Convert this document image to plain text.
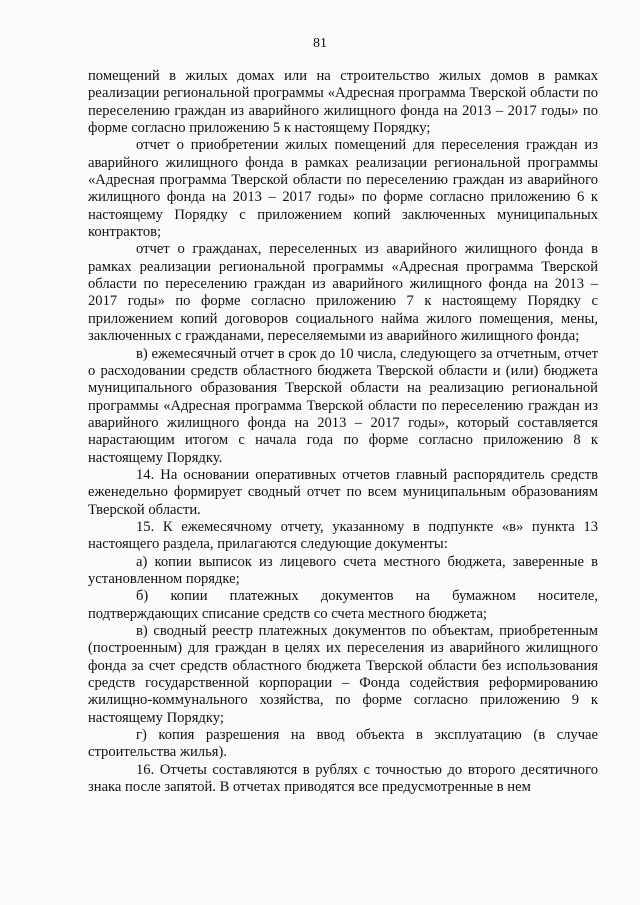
81

помещений в жилых домах или на строительство жилых домов в рамках реализации региональной программы «Адресная программа Тверской области по переселению граждан из аварийного жилищного фонда на 2013 – 2017 годы» по форме согласно приложению 5 к настоящему Порядку;

отчет о приобретении жилых помещений для переселения граждан из аварийного жилищного фонда в рамках реализации региональной программы «Адресная программа Тверской области по переселению граждан из аварийного жилищного фонда на 2013 – 2017 годы» по форме согласно приложению 6 к настоящему Порядку с приложением копий заключенных муниципальных контрактов;

отчет о гражданах, переселенных из аварийного жилищного фонда в рамках реализации региональной программы «Адресная программа Тверской области по переселению граждан из аварийного жилищного фонда на 2013 – 2017 годы» по форме согласно приложению 7 к настоящему Порядку с приложением копий договоров социального найма жилого помещения, мены, заключенных с гражданами, переселяемыми из аварийного жилищного фонда;

в) ежемесячный отчет в срок до 10 числа, следующего за отчетным, отчет о расходовании средств областного бюджета Тверской области и (или) бюджета муниципального образования Тверской области на реализацию региональной программы «Адресная программа Тверской области по переселению граждан из аварийного жилищного фонда на 2013 – 2017 годы», который составляется нарастающим итогом с начала года по форме согласно приложению 8 к настоящему Порядку.

14. На основании оперативных отчетов главный распорядитель средств еженедельно формирует сводный отчет по всем муниципальным образованиям Тверской области.

15. К ежемесячному отчету, указанному в подпункте «в» пункта 13 настоящего раздела, прилагаются следующие документы:

а) копии выписок из лицевого счета местного бюджета, заверенные в установленном порядке;

б) копии платежных документов на бумажном носителе, подтверждающих списание средств со счета местного бюджета;

в) сводный реестр платежных документов по объектам, приобретенным (построенным) для граждан в целях их переселения из аварийного жилищного фонда за счет средств областного бюджета Тверской области без использования средств государственной корпорации – Фонда содействия реформированию жилищно-коммунального хозяйства, по форме согласно приложению 9 к настоящему Порядку;

г) копия разрешения на ввод объекта в эксплуатацию (в случае строительства жилья).

16. Отчеты составляются в рублях с точностью до второго десятичного знака после запятой. В отчетах приводятся все предусмотренные в нем
